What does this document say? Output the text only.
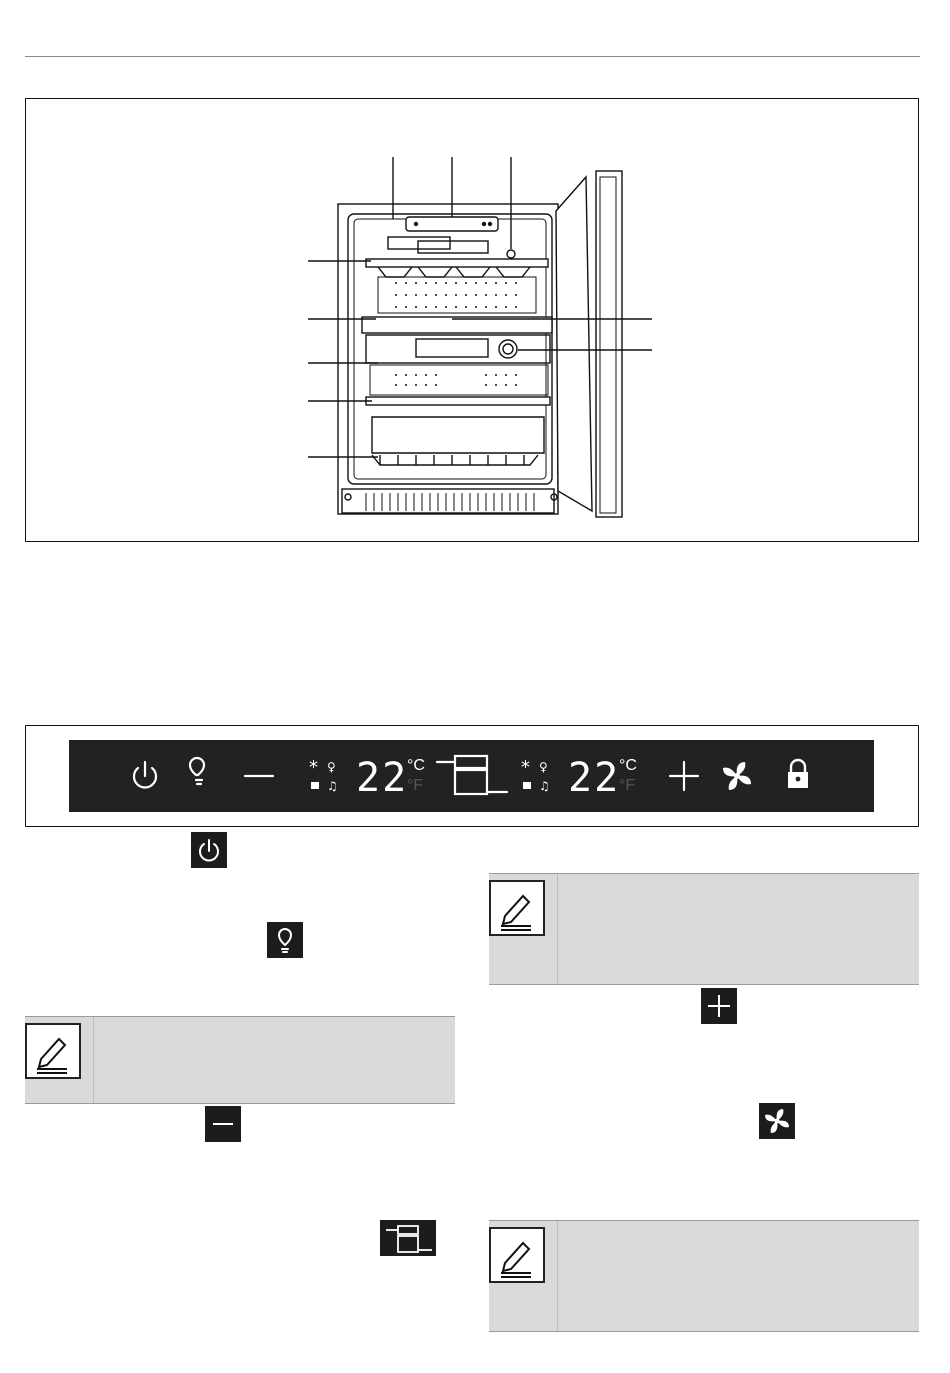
* ♀
♫
* ♀
♫
22
°C
°F	22
°C
°F
